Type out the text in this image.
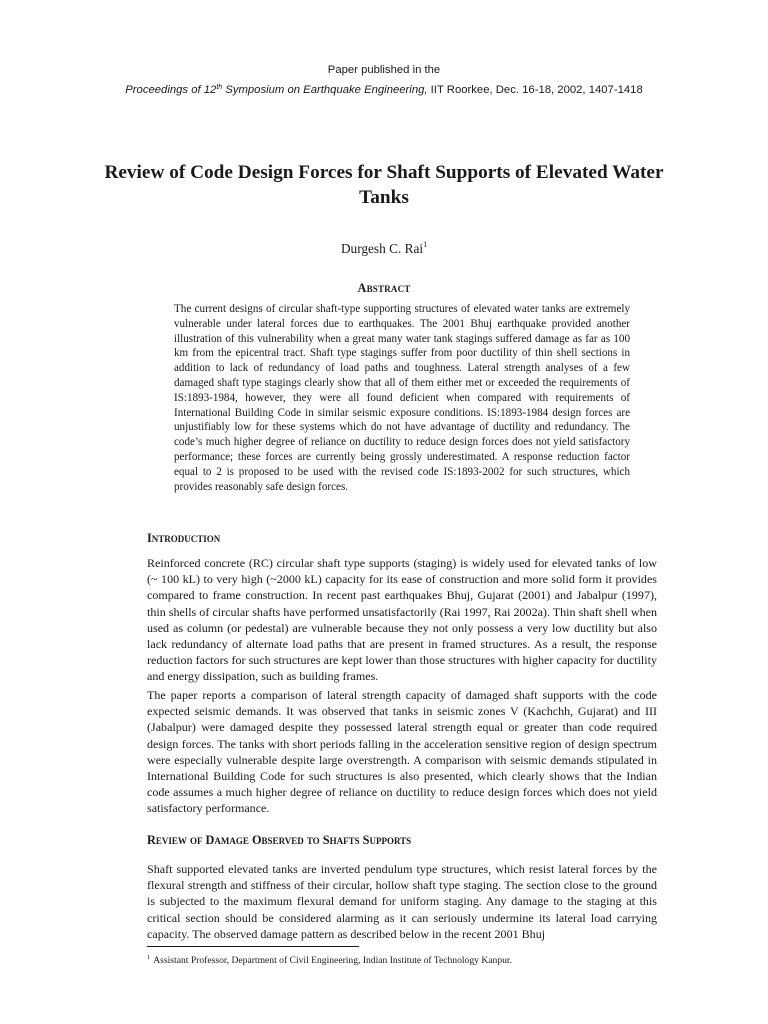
Paper published in the
Proceedings of 12th Symposium on Earthquake Engineering, IIT Roorkee, Dec. 16-18, 2002, 1407-1418
Review of Code Design Forces for Shaft Supports of Elevated Water Tanks
Durgesh C. Rai$^1$
Abstract

The current designs of circular shaft-type supporting structures of elevated water tanks are extremely vulnerable under lateral forces due to earthquakes. The 2001 Bhuj earthquake provided another illustration of this vulnerability when a great many water tank stagings suffered damage as far as 100 km from the epicentral tract. Shaft type stagings suffer from poor ductility of thin shell sections in addition to lack of redundancy of load paths and toughness. Lateral strength analyses of a few damaged shaft type stagings clearly show that all of them either met or exceeded the requirements of IS:1893-1984, however, they were all found deficient when compared with requirements of International Building Code in similar seismic exposure conditions. IS:1893-1984 design forces are unjustifiably low for these systems which do not have advantage of ductility and redundancy. The code’s much higher degree of reliance on ductility to reduce design forces does not yield satisfactory performance; these forces are currently being grossly underestimated. A response reduction factor equal to 2 is proposed to be used with the revised code IS:1893-2002 for such structures, which provides reasonably safe design forces.

Introduction

Reinforced concrete (RC) circular shaft type supports (staging) is widely used for elevated tanks of low (~ 100 kL) to very high (~2000 kL) capacity for its ease of construction and more solid form it provides compared to frame construction. In recent past earthquakes Bhuj, Gujarat (2001) and Jabalpur (1997), thin shells of circular shafts have performed unsatisfactorily (Rai 1997, Rai 2002a). Thin shaft shell when used as column (or pedestal) are vulnerable because they not only possess a very low ductility but also lack redundancy of alternate load paths that are present in framed structures. As a result, the response reduction factors for such structures are kept lower than those structures with higher capacity for ductility and energy dissipation, such as building frames.

The paper reports a comparison of lateral strength capacity of damaged shaft supports with the code expected seismic demands. It was observed that tanks in seismic zones V (Kachchh, Gujarat) and III (Jabalpur) were damaged despite they possessed lateral strength equal or greater than code required design forces. The tanks with short periods falling in the acceleration sensitive region of design spectrum were especially vulnerable despite large overstrength. A comparison with seismic demands stipulated in International Building Code for such structures is also presented, which clearly shows that the Indian code assumes a much higher degree of reliance on ductility to reduce design forces which does not yield satisfactory performance.

Review of Damage Observed to Shafts Supports

Shaft supported elevated tanks are inverted pendulum type structures, which resist lateral forces by the flexural strength and stiffness of their circular, hollow shaft type staging. The section close to the ground is subjected to the maximum flexural demand for uniform staging. Any damage to the staging at this critical section should be considered alarming as it can seriously undermine its lateral load carrying capacity. The observed damage pattern as described below in the recent 2001 Bhuj

$^1$ Assistant Professor, Department of Civil Engineering, Indian Institute of Technology Kanpur.
